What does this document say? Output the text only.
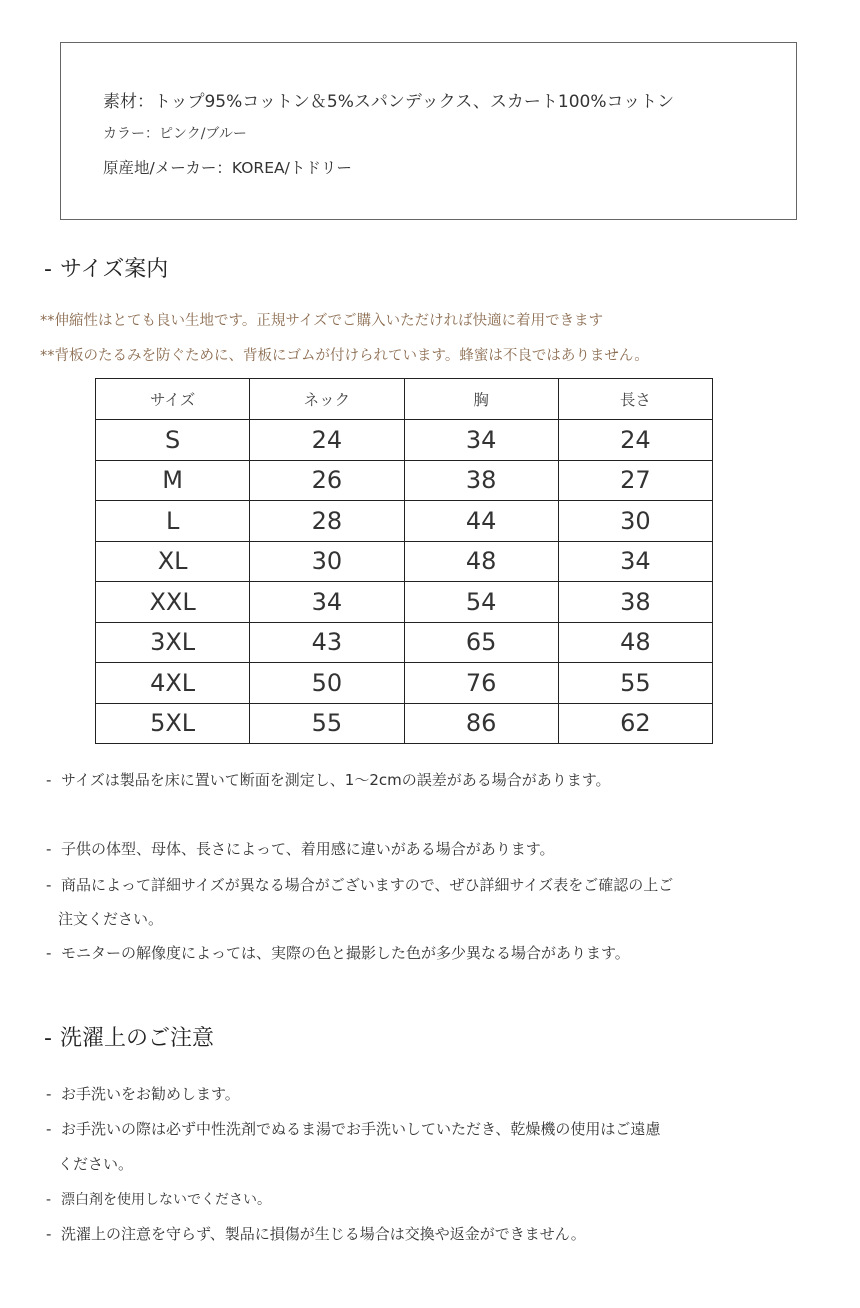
素材：トップ95%コットン＆5%スパンデックス、スカート100%コットン
カラー：ピンク/ブルー
原産地/メーカー：KOREA/トドリー
- サイズ案内
**伸縮性はとても良い生地です。正規サイズでご購入いただければ快適に着用できます
**背板のたるみを防ぐために、背板にゴムが付けられています。蜂蜜は不良ではありません。
サイズ	ネック	胸	長さ
S	24	34	24
M	26	38	27
L	28	44	30
XL	30	48	34
XXL	34	54	38
3XL	43	65	48
4XL	50	76	55
5XL	55	86	62
- サイズは製品を床に置いて断面を測定し、1〜2cmの誤差がある場合があります。
- 子供の体型、母体、長さによって、着用感に違いがある場合があります。
- 商品によって詳細サイズが異なる場合がございますので、ぜひ詳細サイズ表をご確認の上ご
注文ください。
- モニターの解像度によっては、実際の色と撮影した色が多少異なる場合があります。
- 洗濯上のご注意
- お手洗いをお勧めします。
- お手洗いの際は必ず中性洗剤でぬるま湯でお手洗いしていただき、乾燥機の使用はご遠慮
ください。
- 漂白剤を使用しないでください。
- 洗濯上の注意を守らず、製品に損傷が生じる場合は交換や返金ができません。
